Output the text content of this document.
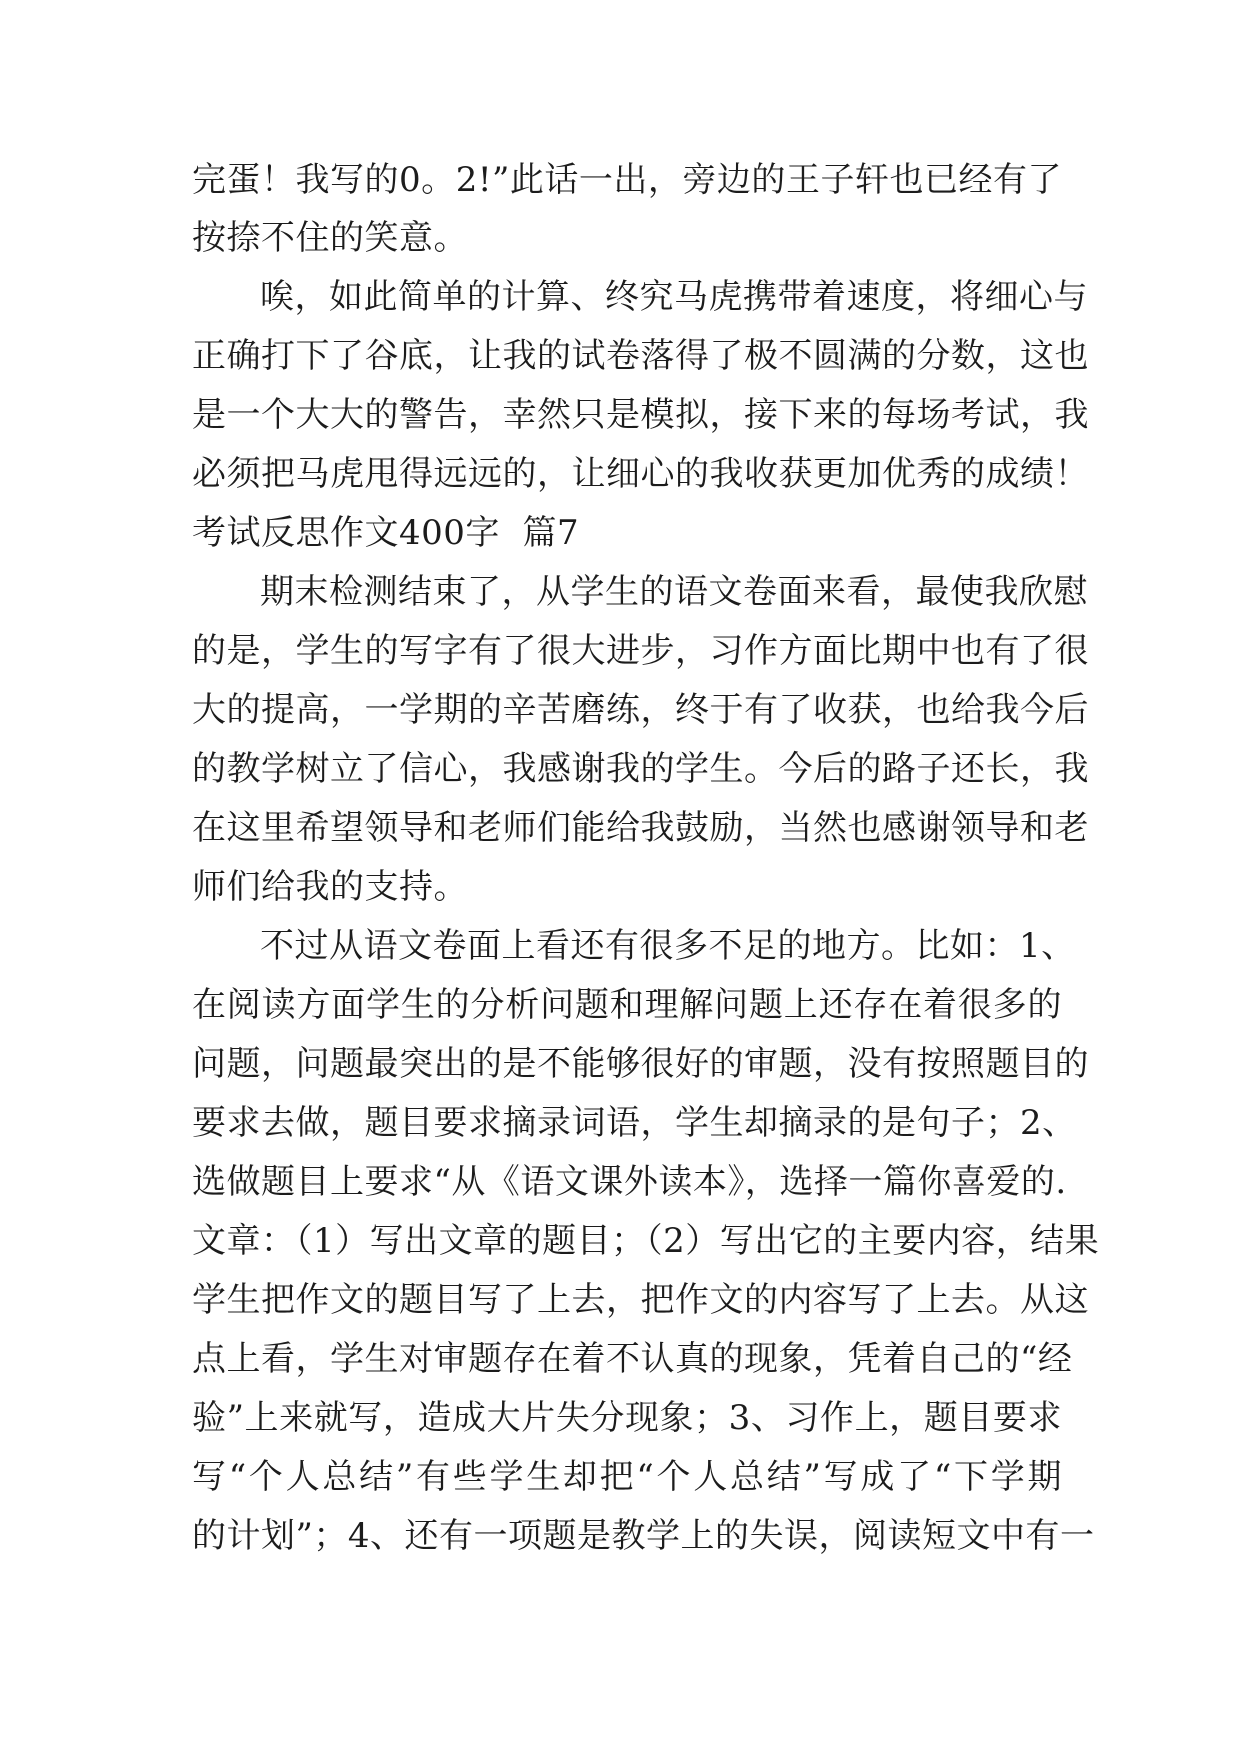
完蛋！我写的0。2!”此话一出，旁边的王子轩也已经有了
按捺不住的笑意。
唉，如此简单的计算、终究马虎携带着速度，将细心与
正确打下了谷底，让我的试卷落得了极不圆满的分数，这也
是一个大大的警告，幸然只是模拟，接下来的每场考试，我
必须把马虎甩得远远的，让细心的我收获更加优秀的成绩！
考试反思作文400字  篇7
期末检测结束了，从学生的语文卷面来看，最使我欣慰
的是，学生的写字有了很大进步，习作方面比期中也有了很
大的提高，一学期的辛苦磨练，终于有了收获，也给我今后
的教学树立了信心，我感谢我的学生。今后的路子还长，我
在这里希望领导和老师们能给我鼓励，当然也感谢领导和老
师们给我的支持。
不过从语文卷面上看还有很多不足的地方。比如：1、
在阅读方面学生的分析问题和理解问题上还存在着很多的
问题，问题最突出的是不能够很好的审题，没有按照题目的
要求去做，题目要求摘录词语，学生却摘录的是句子；2、
选做题目上要求“从《语文课外读本》，选择一篇你喜爱的.
文章：（1）写出文章的题目；（2）写出它的主要内容，结果
学生把作文的题目写了上去，把作文的内容写了上去。从这
点上看，学生对审题存在着不认真的现象，凭着自己的“经
验”上来就写，造成大片失分现象；3、习作上，题目要求
写“个人总结”有些学生却把“个人总结”写成了“下学期
的计划”；4、还有一项题是教学上的失误，阅读短文中有一
